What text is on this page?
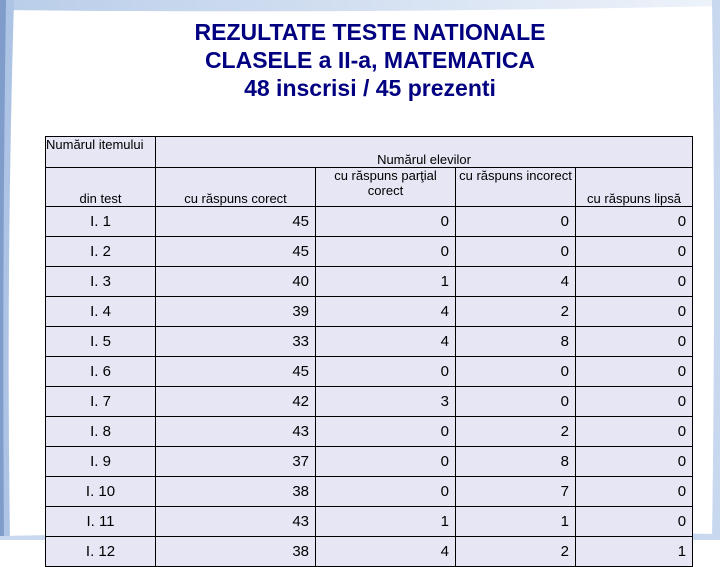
REZULTATE TESTE NATIONALE
CLASELE a II-a, MATEMATICA
48 inscrisi / 45 prezenti
Numărul itemului	Numărul elevilor			
din test	cu răspuns corect	cu răspuns parţial corect	cu răspuns incorect	cu răspuns lipsă
I. 1	45	0	0	0
I. 2	45	0	0	0
I. 3	40	1	4	0
I. 4	39	4	2	0
I. 5	33	4	8	0
I. 6	45	0	0	0
I. 7	42	3	0	0
I. 8	43	0	2	0
I. 9	37	0	8	0
I. 10	38	0	7	0
I. 11	43	1	1	0
I. 12	38	4	2	1
